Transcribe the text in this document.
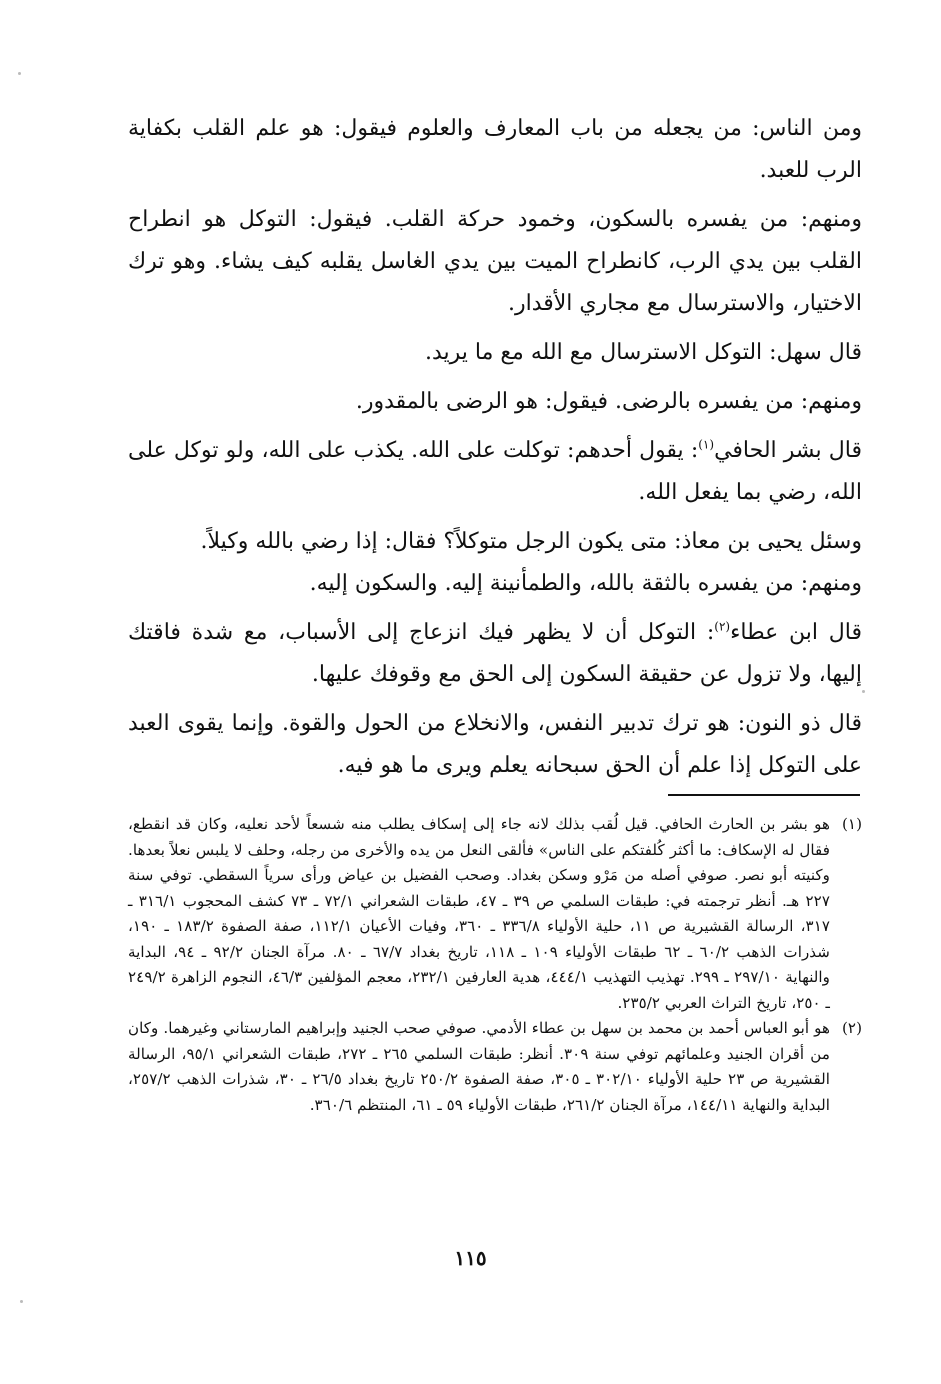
ومن الناس: من يجعله من باب المعارف والعلوم فيقول: هو علم القلب بكفاية الرب للعبد.

ومنهم: من يفسره بالسكون، وخمود حركة القلب. فيقول: التوكل هو انطراح القلب بين يدي الرب، كانطراح الميت بين يدي الغاسل يقلبه كيف يشاء. وهو ترك الاختيار، والاسترسال مع مجاري الأقدار.

قال سهل: التوكل الاسترسال مع الله مع ما يريد.

ومنهم: من يفسره بالرضى. فيقول: هو الرضى بالمقدور.

قال بشر الحافي$^{(١)}$: يقول أحدهم: توكلت على الله. يكذب على الله، ولو توكل على الله، رضي بما يفعل الله.

وسئل يحيى بن معاذ: متى يكون الرجل متوكلاً؟ فقال: إذا رضي بالله وكيلاً.

ومنهم: من يفسره بالثقة بالله، والطمأنينة إليه. والسكون إليه.

قال ابن عطاء$^{(٢)}$: التوكل أن لا يظهر فيك انزعاج إلى الأسباب، مع شدة فاقتك إليها، ولا تزول عن حقيقة السكون إلى الحق مع وقوفك عليها.

قال ذو النون: هو ترك تدبير النفس، والانخلاع من الحول والقوة. وإنما يقوى العبد على التوكل إذا علم أن الحق سبحانه يعلم ويرى ما هو فيه.

(١)
هو بشر بن الحارث الحافي. قيل لُقب بذلك لانه جاء إلى إسكاف يطلب منه شسعاً لأحد نعليه، وكان قد انقطع، فقال له الإسكاف: ما أكثر كُلفتكم على الناس» فألقى النعل من يده والأخرى من رجله، وحلف لا يلبس نعلاً بعدها. وكنيته أبو نصر. صوفي أصله من مَرْو وسكن بغداد. وصحب الفضيل بن عياض ورأى سرياً السقطي. توفي سنة ٢٢٧ هـ. أنظر ترجمته في: طبقات السلمي ص ٣٩ ـ ٤٧، طبقات الشعراني ٧٢/١ ـ ٧٣ كشف المحجوب ٣١٦/١ ـ ٣١٧، الرسالة القشيرية ص ١١، حلية الأولياء ٣٣٦/٨ ـ ٣٦٠، وفيات الأعيان ١١٢/١، صفة الصفوة ١٨٣/٢ ـ ١٩٠، شذرات الذهب ٦٠/٢ ـ ٦٢ طبقات الأولياء ١٠٩ ـ ١١٨، تاريخ بغداد ٦٧/٧ ـ ٨٠. مرآة الجنان ٩٢/٢ ـ ٩٤، البداية والنهاية ٢٩٧/١٠ ـ ٢٩٩. تهذيب التهذيب ٤٤٤/١، هدية العارفين ٢٣٢/١، معجم المؤلفين ٤٦/٣، النجوم الزاهرة ٢٤٩/٢ ـ ٢٥٠، تاريخ التراث العربي ٢٣٥/٢.
(٢)
هو أبو العباس أحمد بن محمد بن سهل بن عطاء الأدمي. صوفي صحب الجنيد وإبراهيم المارستاني وغيرهما. وكان من أقران الجنيد وعلمائهم توفي سنة ٣٠٩. أنظر: طبقات السلمي ٢٦٥ ـ ٢٧٢، طبقات الشعراني ٩٥/١، الرسالة القشيرية ص ٢٣ حلية الأولياء ٣٠٢/١٠ ـ ٣٠٥، صفة الصفوة ٢٥٠/٢ تاريخ بغداد ٢٦/٥ ـ ٣٠، شذرات الذهب ٢٥٧/٢، البداية والنهاية ١٤٤/١١، مرآة الجنان ٢٦١/٢، طبقات الأولياء ٥٩ ـ ٦١، المنتظم ٣٦٠/٦.
١١٥
